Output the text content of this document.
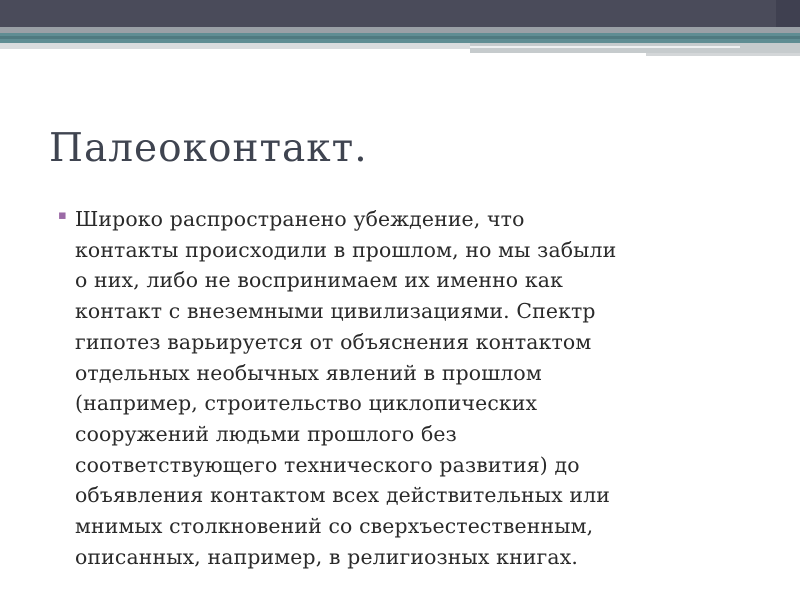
Палеоконтакт.
▪ Широко распространено убеждение, что
контакты происходили в прошлом, но мы забыли
о них, либо не воспринимаем их именно как
контакт с внеземными цивилизациями. Спектр
гипотез варьируется от объяснения контактом
отдельных необычных явлений в прошлом
(например, строительство циклопических
сооружений людьми прошлого без
соответствующего технического развития) до
объявления контактом всех действительных или
мнимых столкновений со сверхъестественным,
описанных, например, в религиозных книгах.
